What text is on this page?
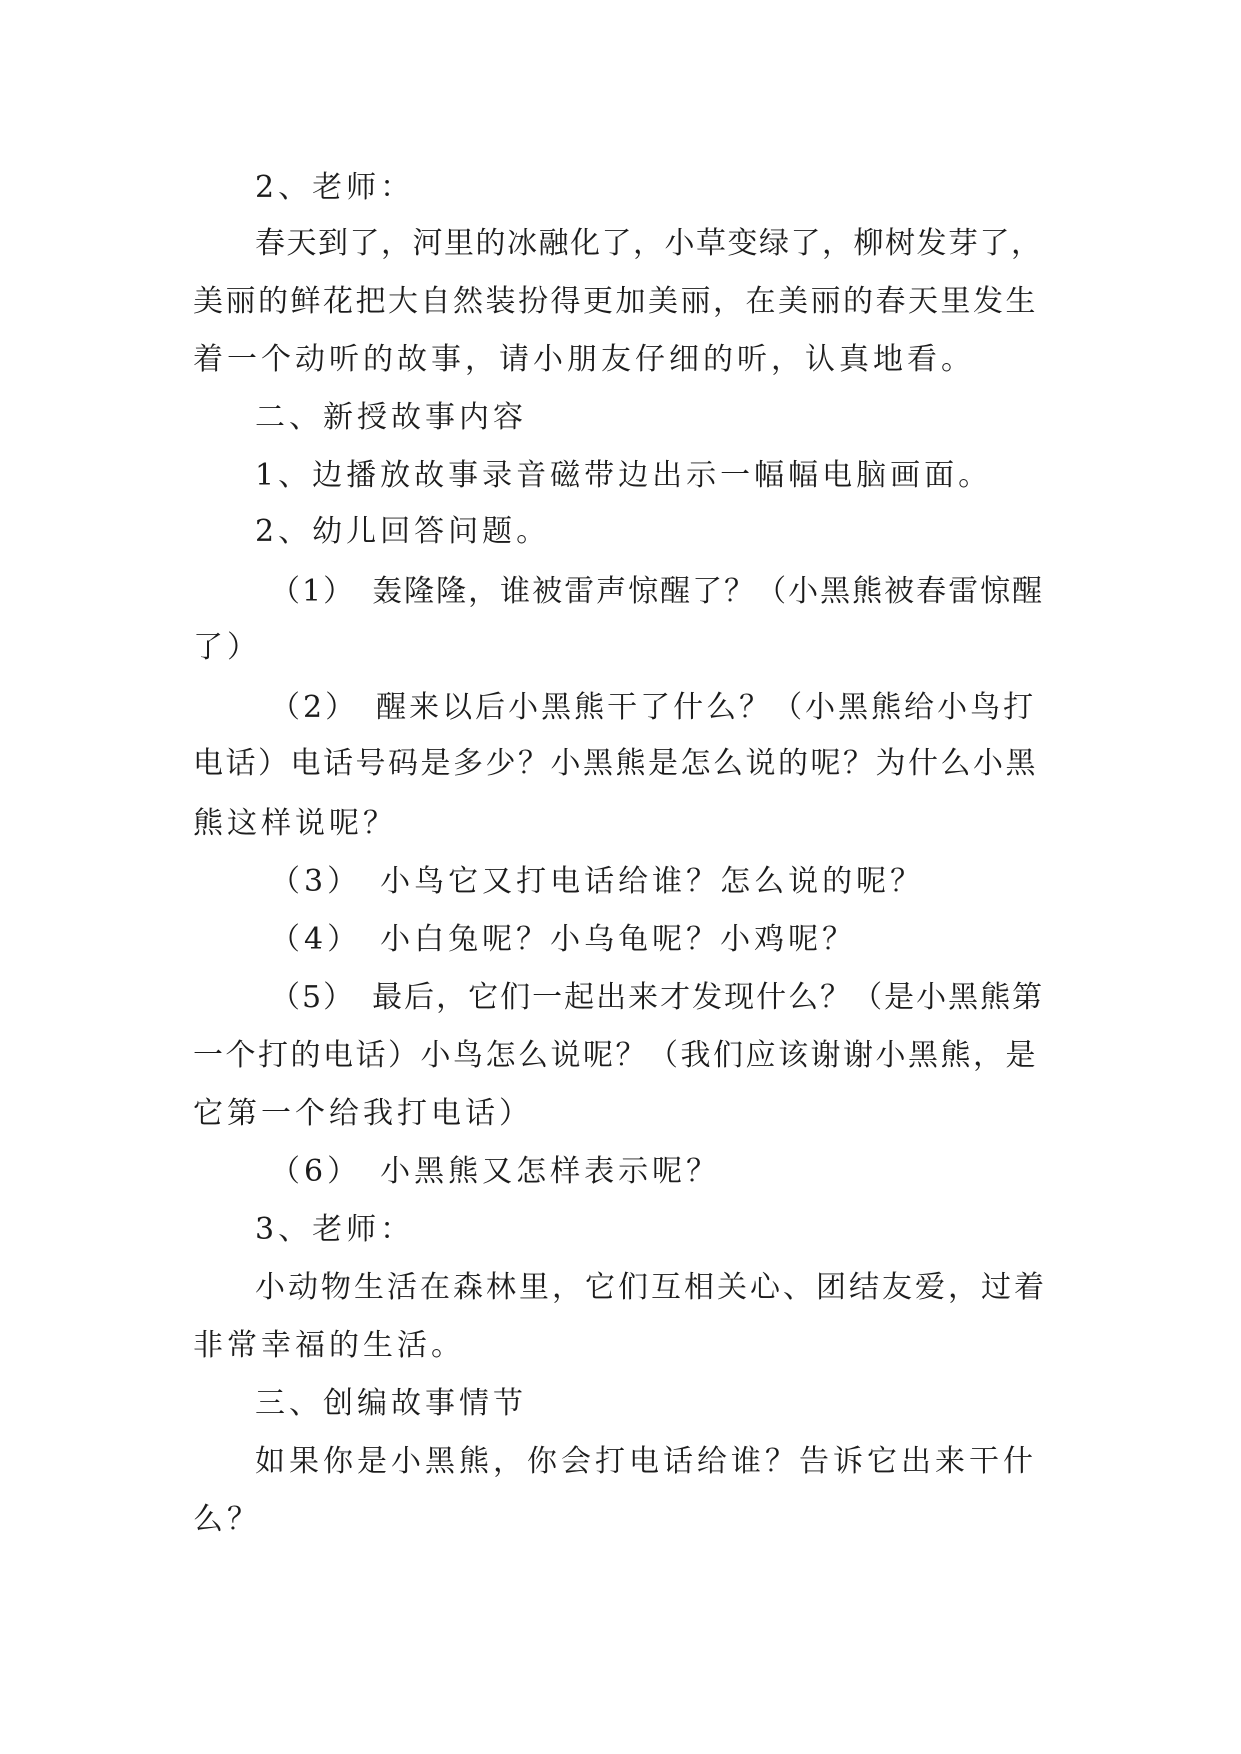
2、老师：

春天到了，河里的冰融化了，小草变绿了，柳树发芽了，

美丽的鲜花把大自然装扮得更加美丽，在美丽的春天里发生

着一个动听的故事，请小朋友仔细的听，认真地看。

二、新授故事内容

1、边播放故事录音磁带边出示一幅幅电脑画面。

2、幼儿回答问题。

（1）　轰隆隆，谁被雷声惊醒了？（小黑熊被春雷惊醒

了）

（2）　醒来以后小黑熊干了什么？（小黑熊给小鸟打

电话）电话号码是多少？小黑熊是怎么说的呢？为什么小黑

熊这样说呢？

（3）　小鸟它又打电话给谁？怎么说的呢？

（4）　小白兔呢？小乌龟呢？小鸡呢？

（5）　最后，它们一起出来才发现什么？（是小黑熊第

一个打的电话）小鸟怎么说呢？（我们应该谢谢小黑熊，是

它第一个给我打电话）

（6）　小黑熊又怎样表示呢？

3、老师：

小动物生活在森林里，它们互相关心、团结友爱，过着

非常幸福的生活。

三、创编故事情节

如果你是小黑熊，你会打电话给谁？告诉它出来干什

么？
